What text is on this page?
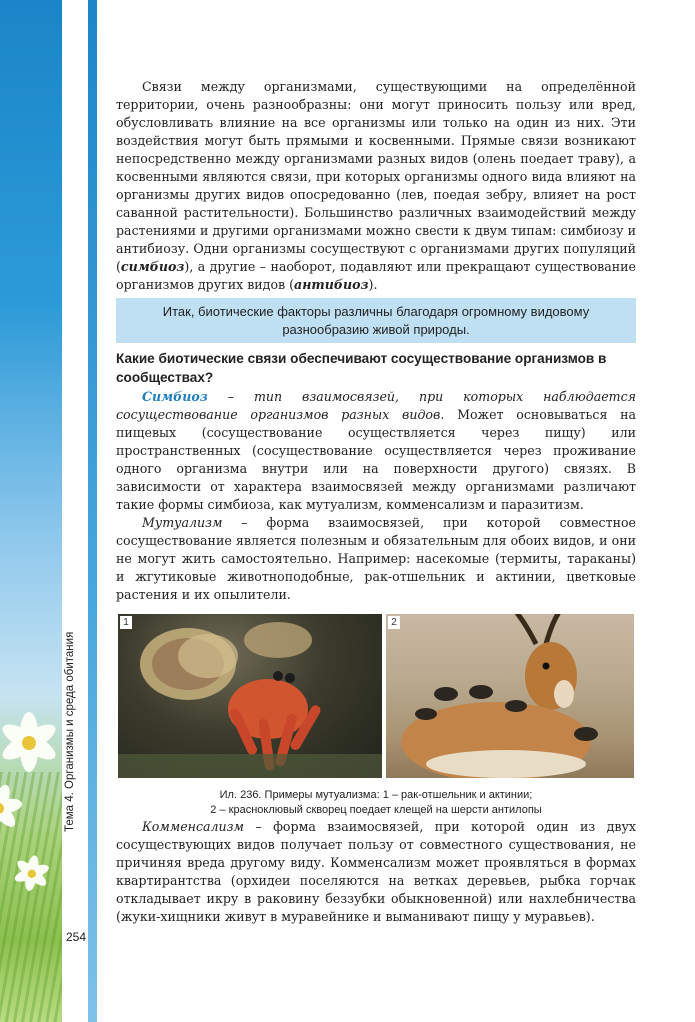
Тема 4. Организмы и среда обитания
254

Связи между организмами, существующими на определённой территории, очень разнообразны: они могут приносить пользу или вред, обусловливать влияние на все организмы или только на один из них. Эти воздействия могут быть прямыми и косвенными. Прямые связи возникают непосредственно между организмами разных видов (олень поедает траву), а косвенными являются связи, при которых организмы одного вида влияют на организмы других видов опосредованно (лев, поедая зебру, влияет на рост саванной растительности). Большинство различных взаимодействий между растениями и другими организмами можно свести к двум типам: симбиозу и антибиозу. Одни организмы сосуществуют с организмами других популяций (симбиоз), а другие – наоборот, подавляют или прекращают существование организмов других видов (антибиоз).

Итак, биотические факторы различны благодаря огромному видовому разнообразию живой природы.
Какие биотические связи обеспечивают сосуществование организмов в сообществах?

Симбиоз – тип взаимосвязей, при которых наблюдается сосуществование организмов разных видов. Может основываться на пищевых (сосуществование осуществляется через пищу) или пространственных (сосуществование осуществляется через проживание одного организма внутри или на поверхности другого) связях. В зависимости от характера взаимосвязей между организмами различают такие формы симбиоза, как мутуализм, комменсализм и паразитизм.

Мутуализм – форма взаимосвязей, при которой совместное сосуществование является полезным и обязательным для обоих видов, и они не могут жить самостоятельно. Например: насекомые (термиты, тараканы) и жгутиковые животноподобные, рак-отшельник и актинии, цветковые растения и их опылители.

1	2
Ил. 236. Примеры мутуализма: 1 – рак-отшельник и актинии;
2 – красноклювый скворец поедает клещей на шерсти антилопы

Комменсализм – форма взаимосвязей, при которой один из двух сосуществующих видов получает пользу от совместного существования, не причиняя вреда другому виду. Комменсализм может проявляться в формах квартирантства (орхидеи поселяются на ветках деревьев, рыбка горчак откладывает икру в раковину беззубки обыкновенной) или нахлебничества (жуки-хищники живут в муравейнике и выманивают пищу у муравьев).
